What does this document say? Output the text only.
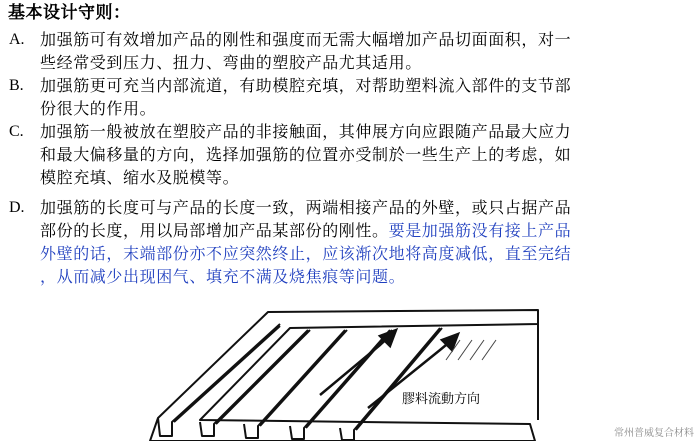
基本设计守则：
A. 加强筋可有效增加产品的刚性和强度而无需大幅增加产品切面面积，对一
些经常受到压力、扭力、弯曲的塑胶产品尤其适用。
B. 加强筋更可充当内部流道，有助模腔充填，对帮助塑料流入部件的支节部
份很大的作用。
C. 加强筋一般被放在塑胶产品的非接触面，其伸展方向应跟随产品最大应力
和最大偏移量的方向，选择加强筋的位置亦受制於一些生产上的考虑，如
模腔充填、缩水及脱模等。
D. 加强筋的长度可与产品的长度一致，两端相接产品的外壁，或只占据产品
部份的长度，用以局部增加产品某部份的刚性。要是加强筋没有接上产品
外壁的话，末端部份亦不应突然终止，应该渐次地将高度减低，直至完结
，从而减少出现困气、填充不满及烧焦痕等问题。
膠料流動方向
常州普威复合材料
